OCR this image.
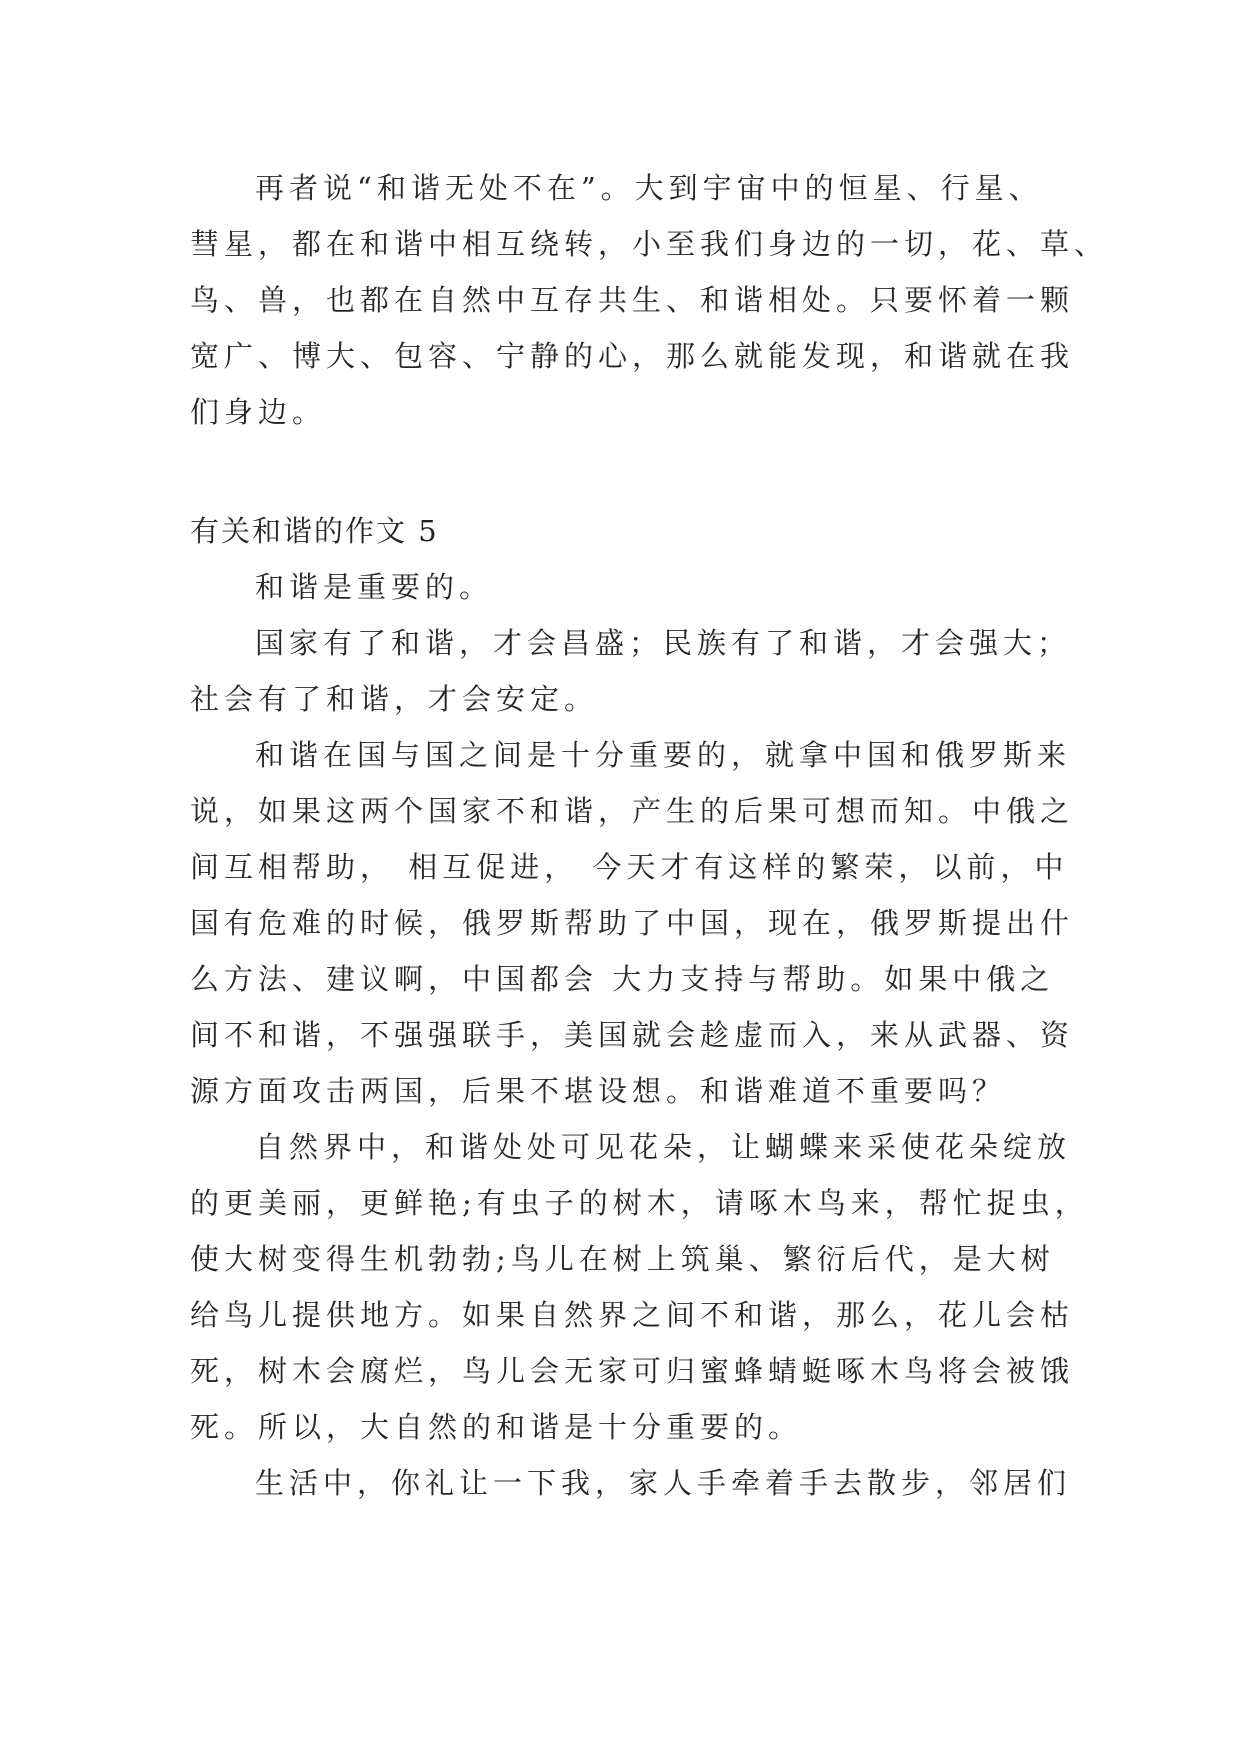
再者说“和谐无处不在”。大到宇宙中的恒星、行星、
彗星，都在和谐中相互绕转，小至我们身边的一切，花、草、
鸟、兽，也都在自然中互存共生、和谐相处。只要怀着一颗
宽广、博大、包容、宁静的心，那么就能发现，和谐就在我
们身边。
有关和谐的作文 5
和谐是重要的。
国家有了和谐，才会昌盛；民族有了和谐，才会强大；
社会有了和谐，才会安定。
和谐在国与国之间是十分重要的，就拿中国和俄罗斯来
说，如果这两个国家不和谐，产生的后果可想而知。中俄之
间互相帮助， 相互促进， 今天才有这样的繁荣，以前，中
国有危难的时候，俄罗斯帮助了中国，现在，俄罗斯提出什
么方法、建议啊，中国都会 大力支持与帮助。如果中俄之
间不和谐，不强强联手，美国就会趁虚而入，来从武器、资
源方面攻击两国，后果不堪设想。和谐难道不重要吗？
自然界中，和谐处处可见花朵，让蝴蝶来采使花朵绽放
的更美丽，更鲜艳;有虫子的树木，请啄木鸟来，帮忙捉虫，
使大树变得生机勃勃;鸟儿在树上筑巢、繁衍后代，是大树
给鸟儿提供地方。如果自然界之间不和谐，那么，花儿会枯
死，树木会腐烂，鸟儿会无家可归蜜蜂蜻蜓啄木鸟将会被饿
死。所以，大自然的和谐是十分重要的。
生活中，你礼让一下我，家人手牵着手去散步，邻居们
